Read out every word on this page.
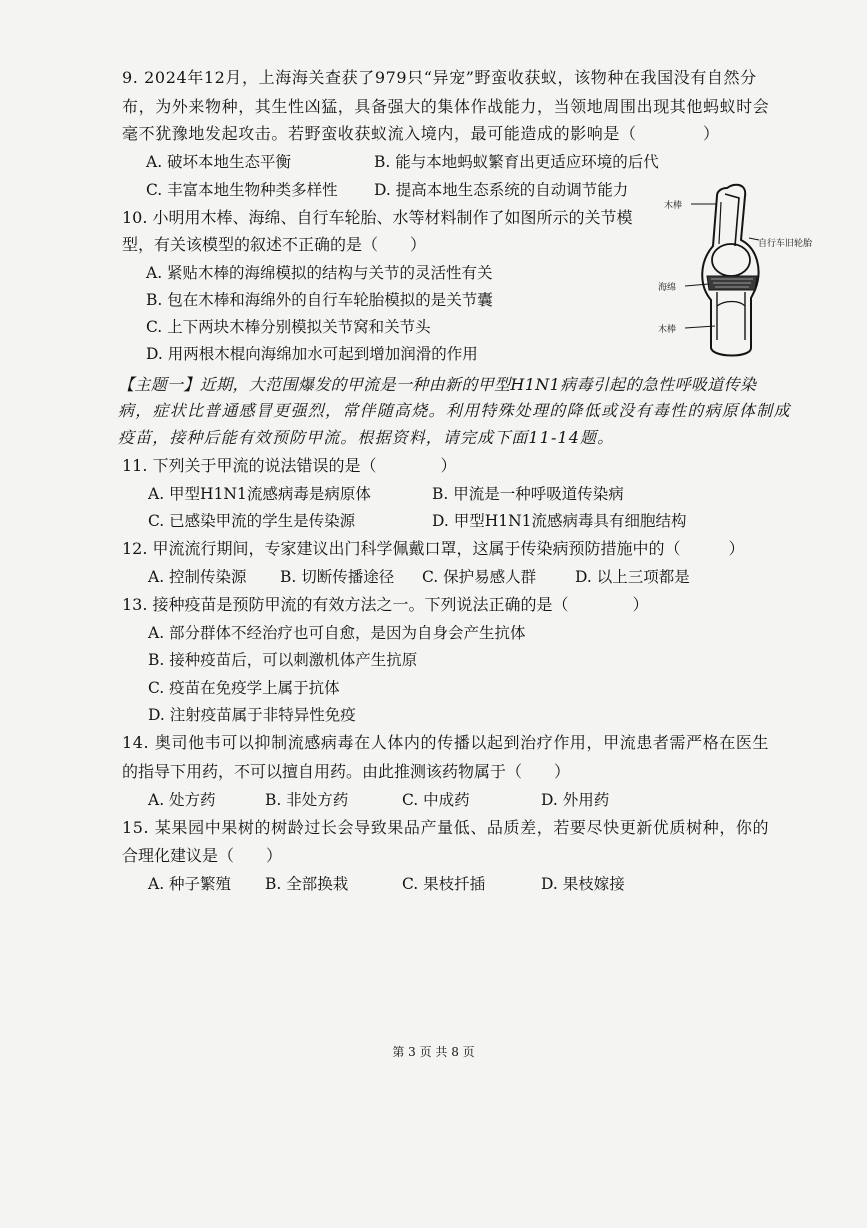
9. 2024年12月，上海海关查获了979只“异宠”野蛮收获蚁，该物种在我国没有自然分
布，为外来物种，其生性凶猛，具备强大的集体作战能力，当领地周围出现其他蚂蚁时会
毫不犹豫地发起攻击。若野蛮收获蚁流入境内，最可能造成的影响是（　　　　）
A. 破坏本地生态平衡	B. 能与本地蚂蚁繁育出更适应环境的后代
C. 丰富本地生物种类多样性 D. 提高本地生态系统的自动调节能力
10. 小明用木棒、海绵、自行车轮胎、水等材料制作了如图所示的关节模
型，有关该模型的叙述不正确的是（　　）
A. 紧贴木棒的海绵模拟的结构与关节的灵活性有关
B. 包在木棒和海绵外的自行车轮胎模拟的是关节囊
C. 上下两块木棒分别模拟关节窝和关节头
D. 用两根木棍向海绵加水可起到增加润滑的作用
木棒
自行车旧轮胎
海绵
木棒
【主题一】近期，大范围爆发的甲流是一种由新的甲型H1N1病毒引起的急性呼吸道传染
病，症状比普通感冒更强烈，常伴随高烧。利用特殊处理的降低或没有毒性的病原体制成
疫苗，接种后能有效预防甲流。根据资料，请完成下面11-14题。
11. 下列关于甲流的说法错误的是（　　　　）
A. 甲型H1N1流感病毒是病原体	B. 甲流是一种呼吸道传染病
C. 已感染甲流的学生是传染源	D. 甲型H1N1流感病毒具有细胞结构
12. 甲流流行期间，专家建议出门科学佩戴口罩，这属于传染病预防措施中的（　　　）
A. 控制传染源 B. 切断传播途径 C. 保护易感人群	D. 以上三项都是
13. 接种疫苗是预防甲流的有效方法之一。下列说法正确的是（　　　　）
A. 部分群体不经治疗也可自愈，是因为自身会产生抗体
B. 接种疫苗后，可以刺激机体产生抗原
C. 疫苗在免疫学上属于抗体
D. 注射疫苗属于非特异性免疫
14. 奥司他韦可以抑制流感病毒在人体内的传播以起到治疗作用，甲流患者需严格在医生
的指导下用药，不可以擅自用药。由此推测该药物属于（　　）
A. 处方药	B. 非处方药	C. 中成药	D. 外用药
15. 某果园中果树的树龄过长会导致果品产量低、品质差，若要尽快更新优质树种，你的
合理化建议是（　　）
A. 种子繁殖 B. 全部换栽	C. 果枝扦插	D. 果枝嫁接
第 3 页 共 8 页
